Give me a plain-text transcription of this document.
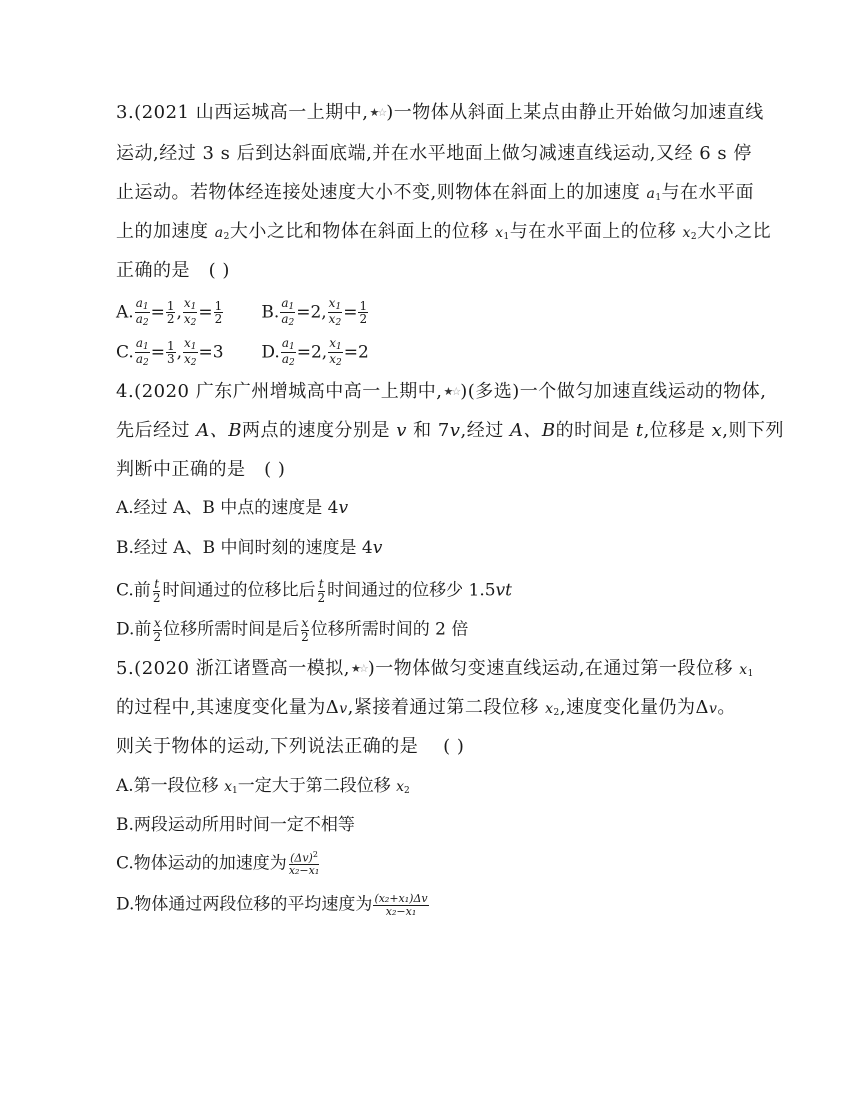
3.(2021 山西运城高一上期中,★☆)一物体从斜面上某点由静止开始做匀加速直线
运动,经过 3 s 后到达斜面底端,并在水平地面上做匀减速直线运动,又经 6 s 停
止运动。若物体经连接处速度大小不变,则物体在斜面上的加速度 $a_1$与在水平面
上的加速度 $a_2$大小之比和物体在斜面上的位移 $x_1$与在水平面上的位移 $x_2$大小之比
正确的是 ( )
A. $\frac{a_1}{a_2} = \frac{1}{2}$ , $\frac{x_1}{x_2} = \frac{1}{2} B$. $\frac{a_1}{a_2} =2$, $\frac{x_1}{x_2} = \frac{1}{2}$
C. $\frac{a_1}{a_2} = \frac{1}{3}$ , $\frac{x_1}{x_2} =3$ D. $\frac{a_1}{a_2} =2$, $\frac{x_1}{x_2} =2$
4.(2020 广东广州增城高中高一上期中,★☆)(多选)一个做匀加速直线运动的物体,
先后经过 A、B两点的速度分别是 v 和 7v,经过 A、B的时间是 t,位移是 x,则下列
判断中正确的是 ( )
A.经过 A、B 中点的速度是 4v
B.经过 A、B 中间时刻的速度是 4v
C.前 $\frac{t}{2}$ 时间通过的位移比后 $\frac{t}{2}$ 时间通过的位移少 1.5vt
D.前 $\frac{x}{2}$ 位移所需时间是后 $\frac{x}{2}$ 位移所需时间的 2 倍
5.(2020 浙江诸暨高一模拟,★☆)一物体做匀变速直线运动,在通过第一段位移 $x_1$
的过程中,其速度变化量为Δv,紧接着通过第二段位移 $x_2$,速度变化量仍为Δv。
则关于物体的运动,下列说法正确的是 ( )
A.第一段位移 $x_1$一定大于第二段位移 $x_2$
B.两段运动所用时间一定不相等
C.物体运动的加速度为 $\frac{(\Delta v)^2}{\text{x₂−x₁}}$
D.物体通过两段位移的平均速度为 $\frac{\text{(x₂+x₁)Δv}}{\text{x₂−x₁}}$
